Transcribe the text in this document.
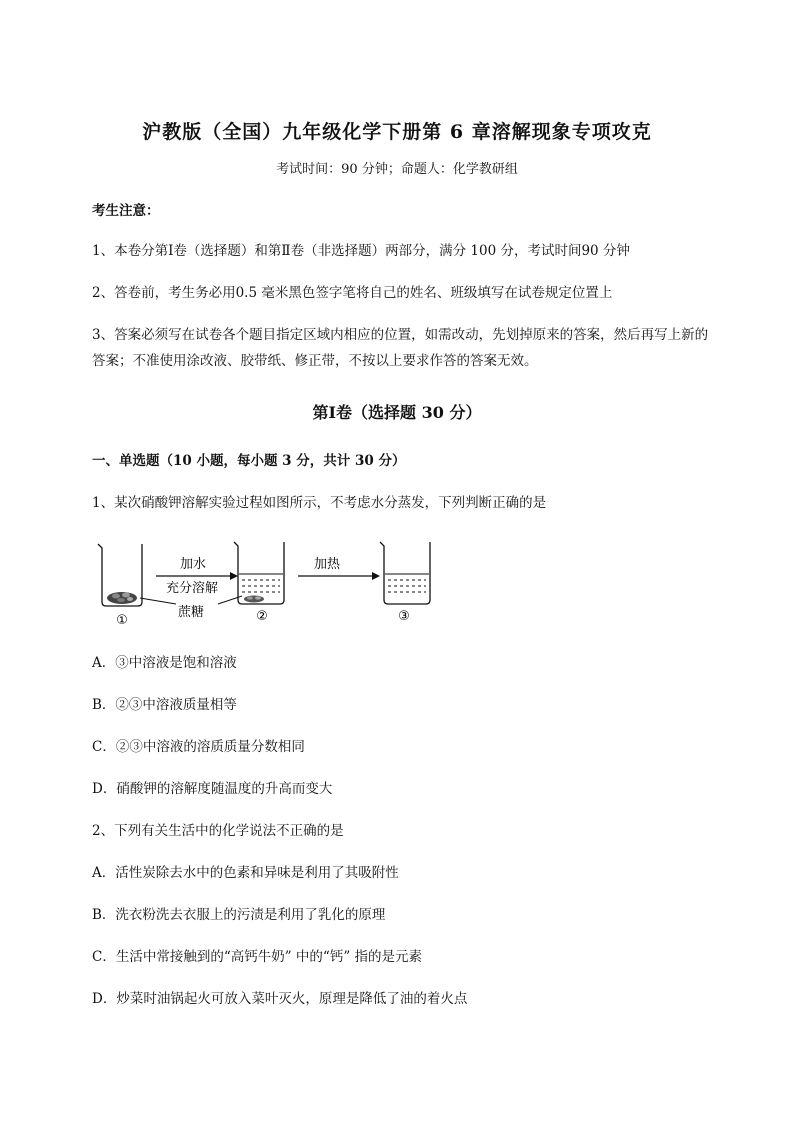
沪教版（全国）九年级化学下册第 6 章溶解现象专项攻克
考试时间：90 分钟；命题人：化学教研组
考生注意：
1、本卷分第Ⅰ卷（选择题）和第Ⅱ卷（非选择题）两部分，满分 100 分，考试时间90 分钟
2、答卷前，考生务必用0.5 毫米黑色签字笔将自己的姓名、班级填写在试卷规定位置上
3、答案必须写在试卷各个题目指定区域内相应的位置，如需改动，先划掉原来的答案，然后再写上新的答案；不准使用涂改液、胶带纸、修正带，不按以上要求作答的答案无效。
第Ⅰ卷（选择题 30 分）
一、单选题（10 小题，每小题 3 分，共计 30 分）
1、某次硝酸钾溶解实验过程如图所示，不考虑水分蒸发，下列判断正确的是
加水
充分溶解
蔗糖
加热
①	②	③
A．③中溶液是饱和溶液
B．②③中溶液质量相等
C．②③中溶液的溶质质量分数相同
D．硝酸钾的溶解度随温度的升高而变大
2、下列有关生活中的化学说法不正确的是
A．活性炭除去水中的色素和异味是利用了其吸附性
B．洗衣粉洗去衣服上的污渍是利用了乳化的原理
C．生活中常接触到的“高钙牛奶” 中的“钙” 指的是元素
D．炒菜时油锅起火可放入菜叶灭火，原理是降低了油的着火点
